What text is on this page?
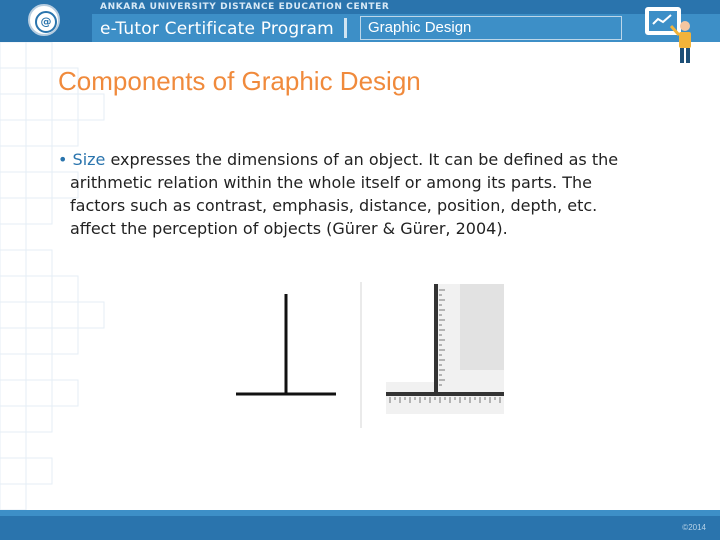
@
ANKARA UNIVERSITY DISTANCE EDUCATION CENTER
e-Tutor Certificate Program Graphic Design
Components of Graphic Design
• Size expresses the dimensions of an object. It can be defined as the
arithmetic relation within the whole itself or among its parts. The
factors such as contrast, emphasis, distance, position, depth, etc.
affect the perception of objects (Gürer & Gürer, 2004).
©2014
